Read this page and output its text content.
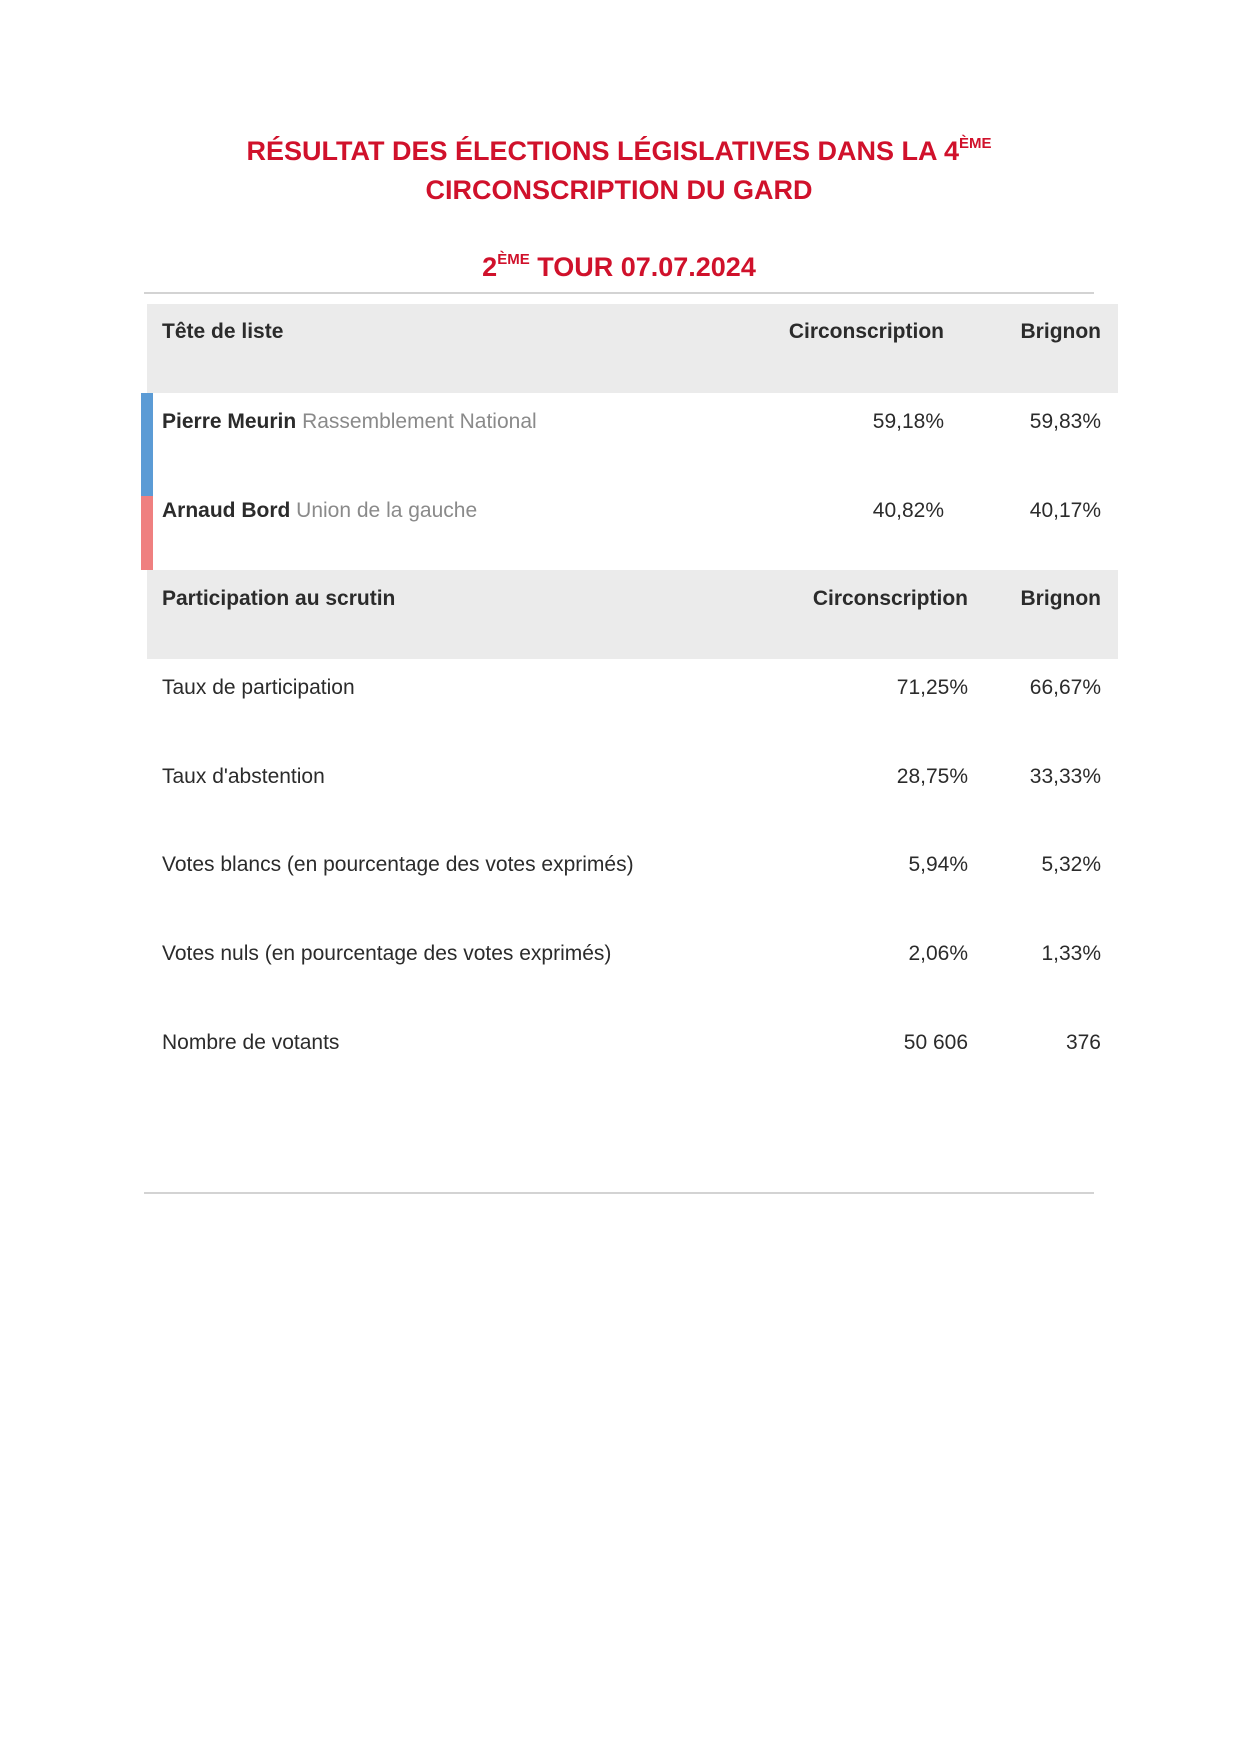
RÉSULTAT DES ÉLECTIONS LÉGISLATIVES DANS LA 4ÈME
CIRCONSCRIPTION DU GARD
2ÈME TOUR 07.07.2024
Tête de liste	Circonscription	Brignon
Pierre Meurin Rassemblement National	59,18%	59,83%
Arnaud Bord Union de la gauche	40,82%	40,17%
Participation au scrutin	Circonscription	Brignon
Taux de participation	71,25%	66,67%
Taux d'abstention	28,75%	33,33%
Votes blancs (en pourcentage des votes exprimés)	5,94%	5,32%
Votes nuls (en pourcentage des votes exprimés)	2,06%	1,33%
Nombre de votants	50 606	376
